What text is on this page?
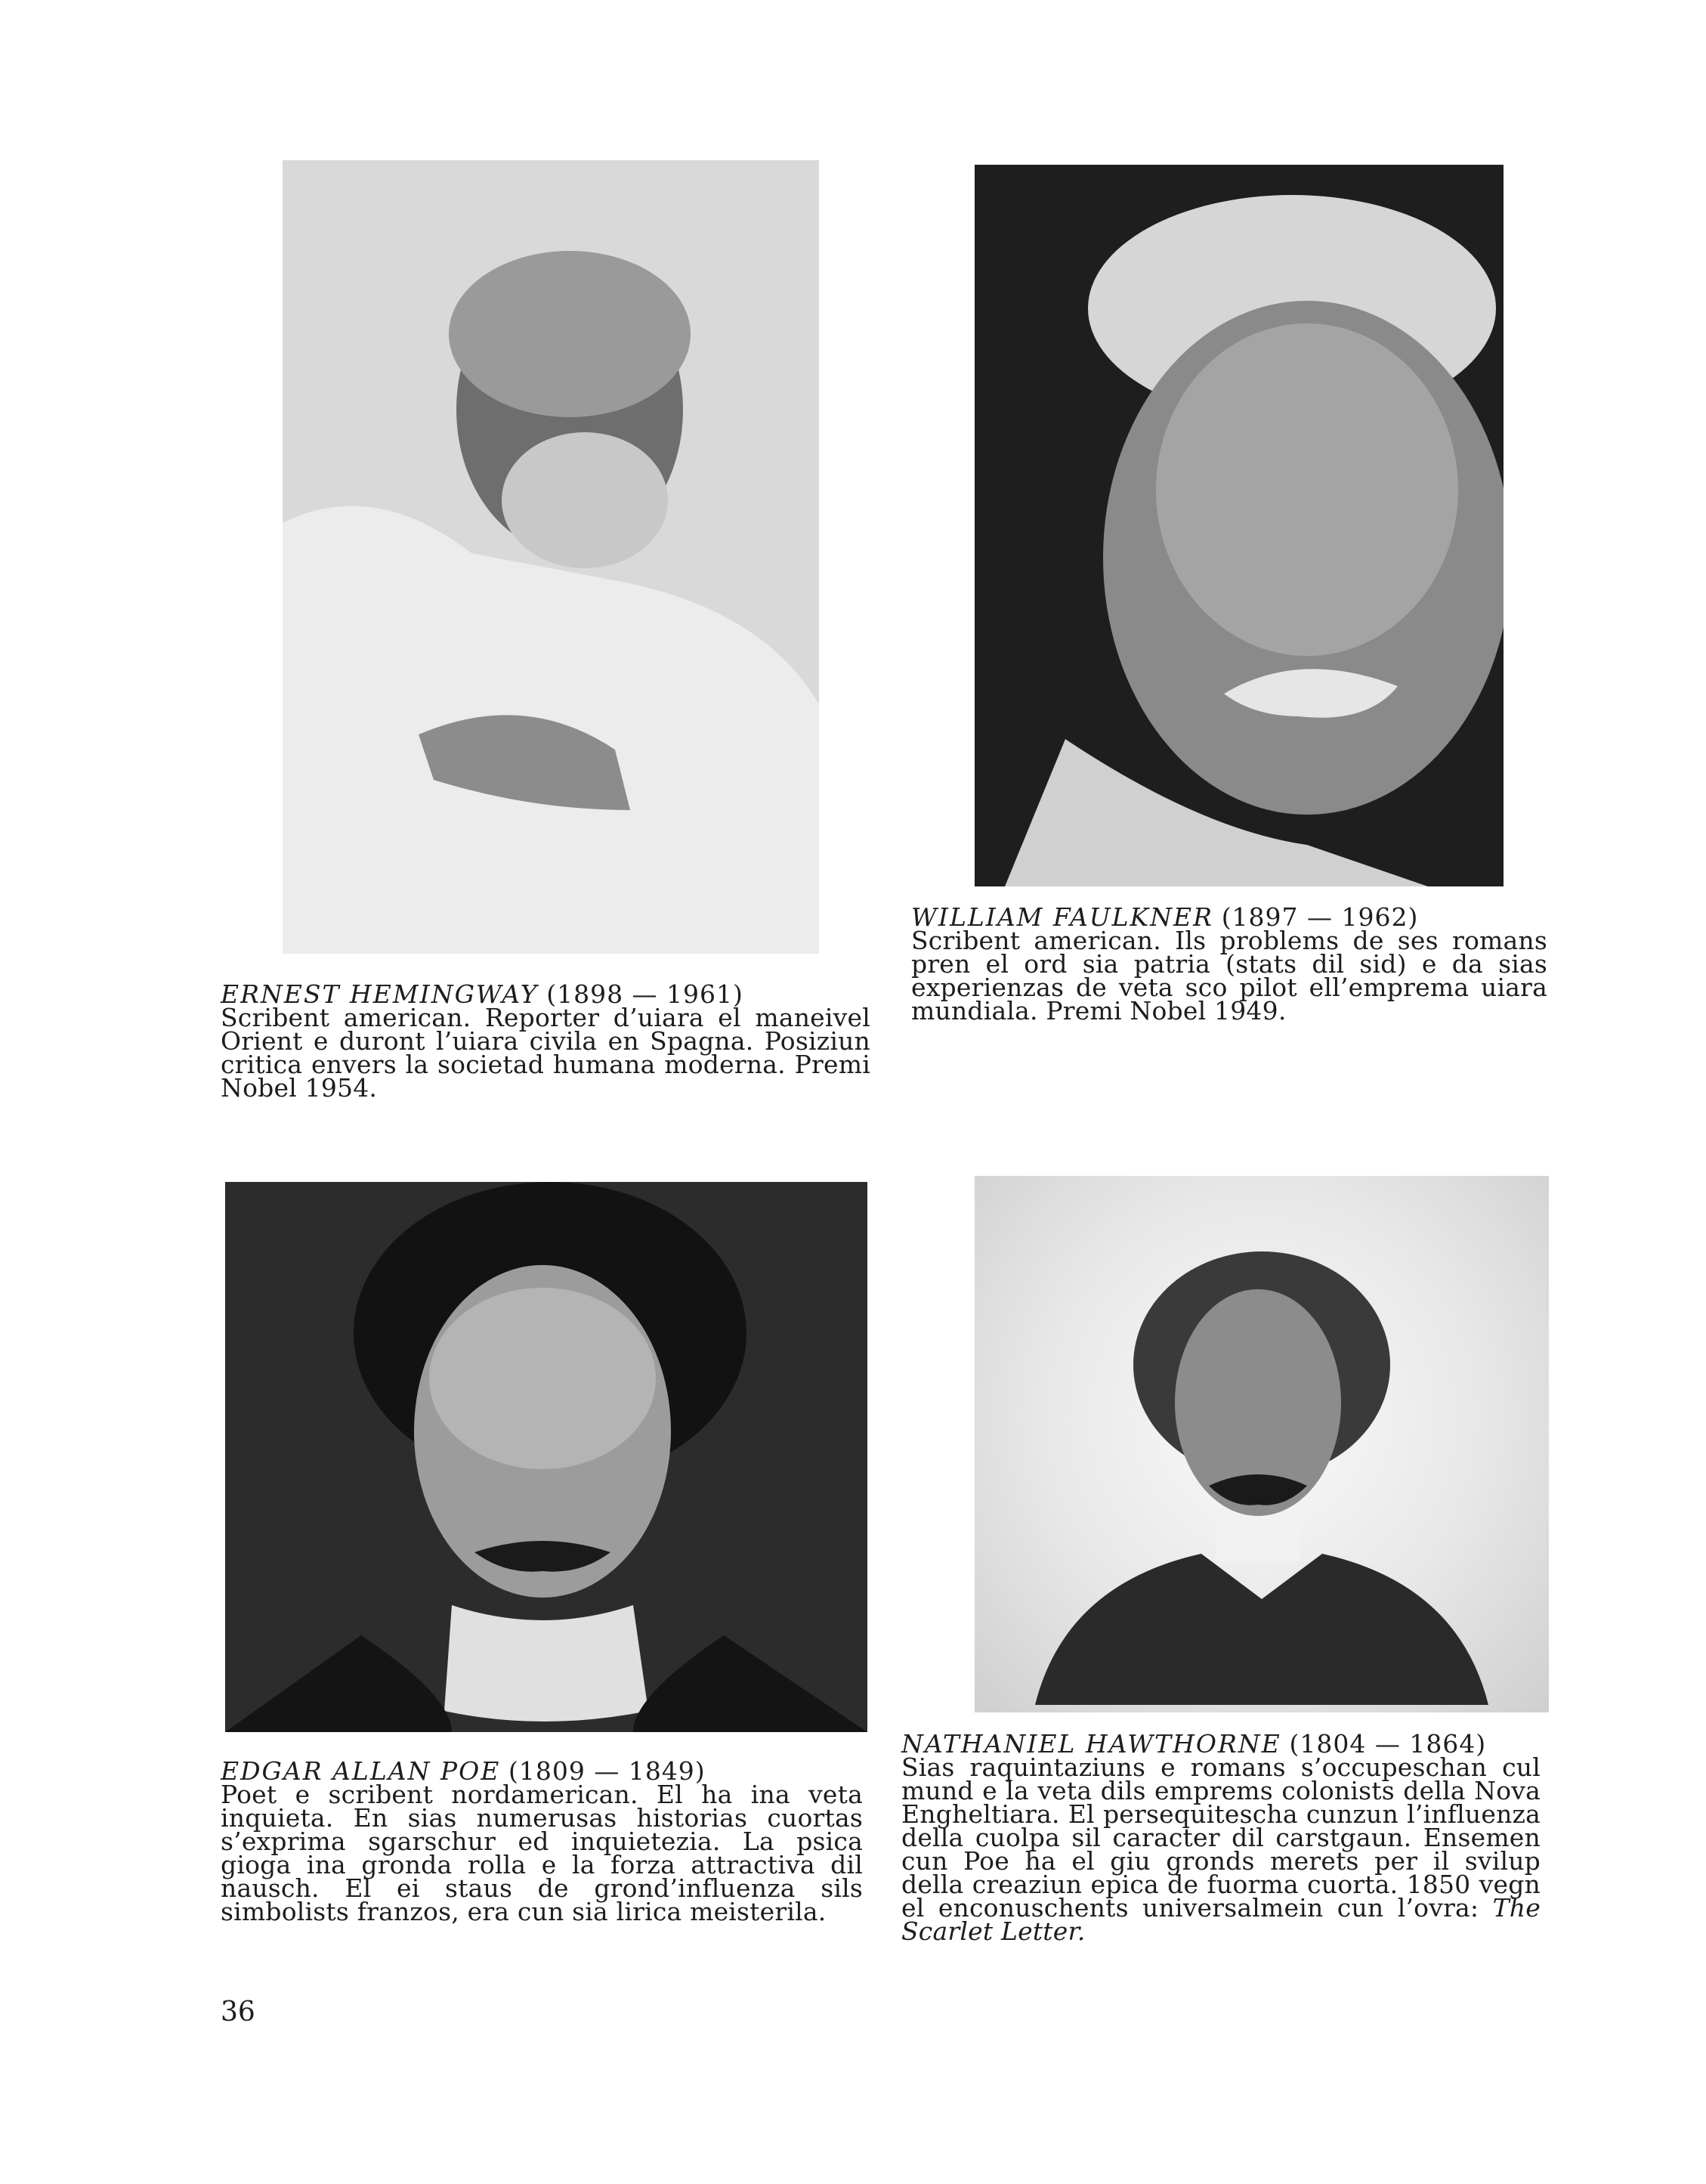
ERNEST HEMINGWAY (1898 — 1961)

Scribent american. Reporter d’uiara el maneivel Orient e duront l’uiara civila en Spagna. Posiziun critica envers la societad humana moderna. Premi Nobel 1954.

WILLIAM FAULKNER (1897 — 1962)

Scribent american. Ils problems de ses romans pren el ord sia patria (stats dil sid) e da sias experienzas de veta sco pilot ell’emprema uiara mundiala. Premi Nobel 1949.

EDGAR ALLAN POE (1809 — 1849)

Poet e scribent nordamerican. El ha ina veta inquieta. En sias numerusas historias cuortas s’exprima sgarschur ed inquietezia. La psica gioga ina gronda rolla e la forza attractiva dil nausch. El ei staus de grond’influenza sils simbolists franzos, era cun sia lirica meisterila.

NATHANIEL HAWTHORNE (1804 — 1864)

Sias raquintaziuns e romans s’occupeschan cul mund e la veta dils emprems colonists della Nova Engheltiara. El persequitescha cunzun l’influenza della cuolpa sil caracter dil carstgaun. Ensemen cun Poe ha el giu gronds merets per il svilup della creaziun epica de fuorma cuorta. 1850 vegn el enconuschents universalmein cun l’ovra: The Scarlet Letter.

36
